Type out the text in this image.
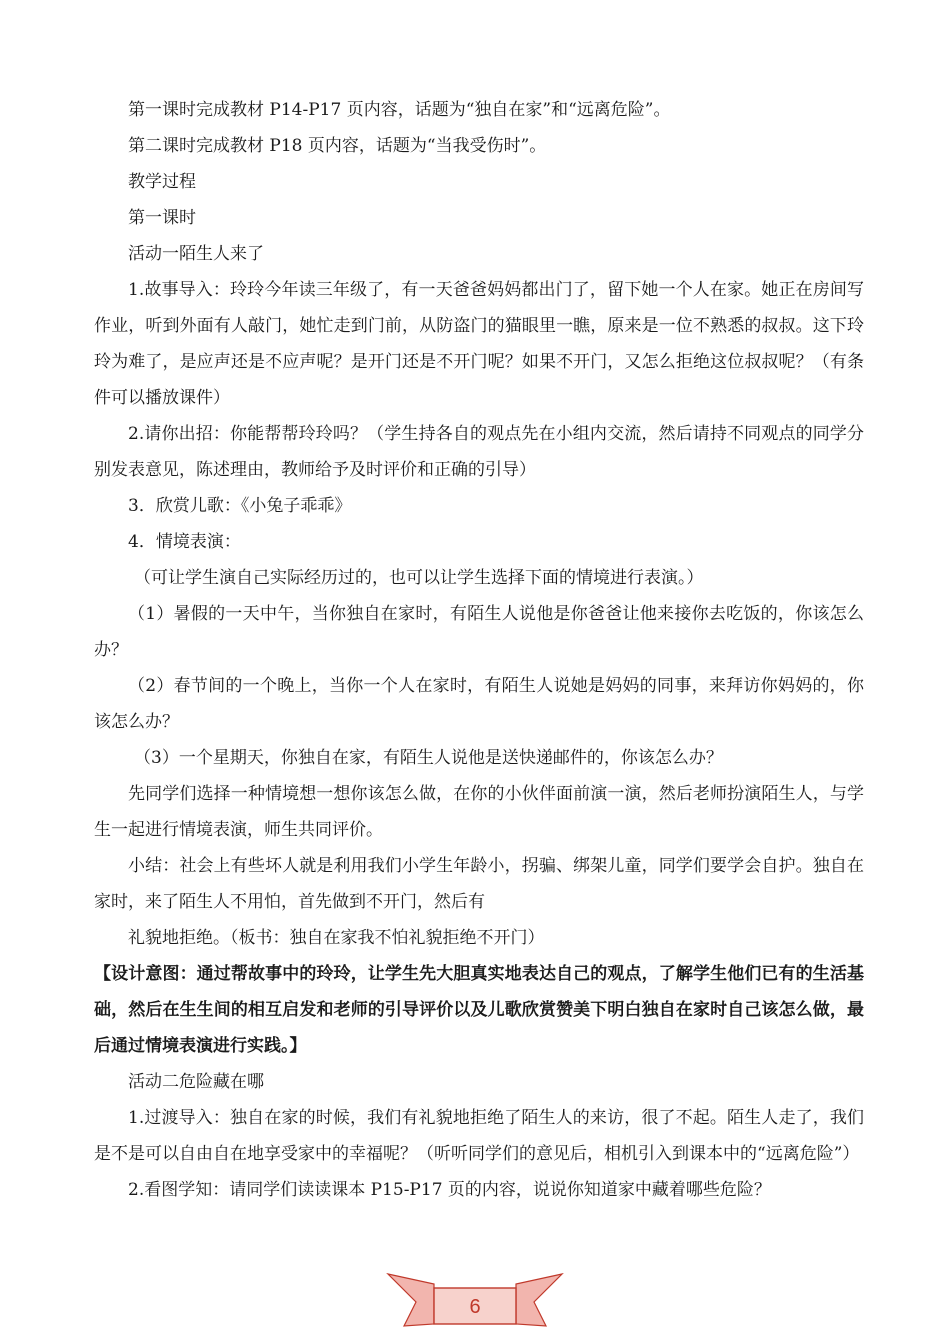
第一课时完成教材 P14-P17 页内容，话题为“独自在家”和“远离危险”。

第二课时完成教材 P18 页内容，话题为“当我受伤时”。

教学过程

第一课时

活动一陌生人来了

1.故事导入：玲玲今年读三年级了，有一天爸爸妈妈都出门了，留下她一个人在家。她正在房间写作业，听到外面有人敲门，她忙走到门前，从防盗门的猫眼里一瞧，原来是一位不熟悉的叔叔。这下玲玲为难了，是应声还是不应声呢？是开门还是不开门呢？如果不开门，又怎么拒绝这位叔叔呢？（有条件可以播放课件）

2.请你出招：你能帮帮玲玲吗？（学生持各自的观点先在小组内交流，然后请持不同观点的同学分别发表意见，陈述理由，教师给予及时评价和正确的引导）

3．欣赏儿歌：《小兔子乖乖》

4．情境表演：

（可让学生演自己实际经历过的，也可以让学生选择下面的情境进行表演。）

（1）暑假的一天中午，当你独自在家时，有陌生人说他是你爸爸让他来接你去吃饭的，你该怎么办？

（2）春节间的一个晚上，当你一个人在家时，有陌生人说她是妈妈的同事，来拜访你妈妈的，你该怎么办？

（3）一个星期天，你独自在家，有陌生人说他是送快递邮件的，你该怎么办？

先同学们选择一种情境想一想你该怎么做，在你的小伙伴面前演一演，然后老师扮演陌生人，与学生一起进行情境表演，师生共同评价。

小结：社会上有些坏人就是利用我们小学生年龄小，拐骗、绑架儿童，同学们要学会自护。独自在家时，来了陌生人不用怕，首先做到不开门，然后有

礼貌地拒绝。（板书：独自在家我不怕礼貌拒绝不开门）

【设计意图：通过帮故事中的玲玲，让学生先大胆真实地表达自己的观点，了解学生他们已有的生活基础，然后在生生间的相互启发和老师的引导评价以及儿歌欣赏赞美下明白独自在家时自己该怎么做，最后通过情境表演进行实践。】

活动二危险藏在哪

1.过渡导入：独自在家的时候，我们有礼貌地拒绝了陌生人的来访，很了不起。陌生人走了，我们是不是可以自由自在地享受家中的幸福呢？（听听同学们的意见后，相机引入到课本中的“远离危险”）

2.看图学知：请同学们读读课本 P15-P17 页的内容，说说你知道家中藏着哪些危险？

6
